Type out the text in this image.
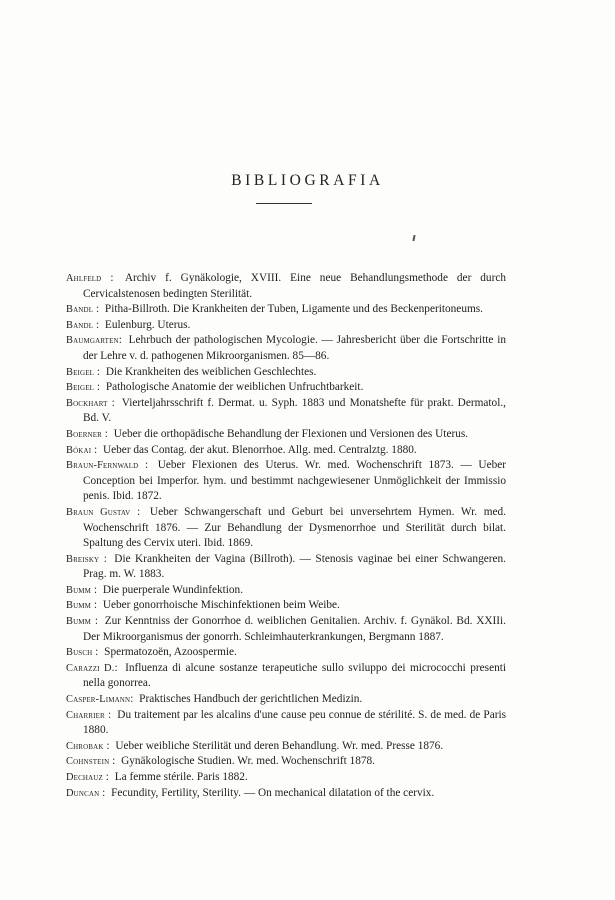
BIBLIOGRAFIA

Ahlfeld : Archiv f. Gynäkologie, XVIII. Eine neue Behandlungsmethode der durch Cervicalstenosen bedingten Sterilität.

Bandl : Pitha-Billroth. Die Krankheiten der Tuben, Ligamente und des Beckenperitoneums.

Bandl : Eulenburg. Uterus.

Baumgarten: Lehrbuch der pathologischen Mycologie. — Jahresbericht über die Fortschritte in der Lehre v. d. pathogenen Mikroorganismen. 85—86.

Beigel : Die Krankheiten des weiblichen Geschlechtes.

Beigel : Pathologische Anatomie der weiblichen Unfruchtbarkeit.

Bockhart : Vierteljahrsschrift f. Dermat. u. Syph. 1883 und Monatshefte für prakt. Dermatol., Bd. V.

Boerner : Ueber die orthopädische Behandlung der Flexionen und Versionen des Uterus.

Bókai : Ueber das Contag. der akut. Blenorrhoe. Allg. med. Centralztg. 1880.

Braun-Fernwald : Ueber Flexionen des Uterus. Wr. med. Wochenschrift 1873. — Ueber Conception bei Imperfor. hym. und bestimmt nachgewiesener Unmöglichkeit der Immissio penis. Ibid. 1872.

Braun Gustav : Ueber Schwangerschaft und Geburt bei unversehrtem Hymen. Wr. med. Wochenschrift 1876. — Zur Behandlung der Dysmenorrhoe und Sterilität durch bilat. Spaltung des Cervix uteri. Ibid. 1869.

Breisky : Die Krankheiten der Vagina (Billroth). — Stenosis vaginae bei einer Schwangeren. Prag. m. W. 1883.

Bumm : Die puerperale Wundinfektion.

Bumm : Ueber gonorrhoische Mischinfektionen beim Weibe.

Bumm : Zur Kenntniss der Gonorrhoe d. weiblichen Genitalien. Archiv. f. Gynäkol. Bd. XXIIi. Der Mikroorganismus der gonorrh. Schleimhauterkrankungen, Bergmann 1887.

Busch : Spermatozoën, Azoospermie.

Carazzi D.: Influenza di alcune sostanze terapeutiche sullo sviluppo dei micrococchi presenti nella gonorrea.

Casper-Limann: Praktisches Handbuch der gerichtlichen Medizin.

Charrier : Du traitement par les alcalins d'une cause peu connue de stérilité. S. de med. de Paris 1880.

Chrobak : Ueber weibliche Sterilität und deren Behandlung. Wr. med. Presse 1876.

Cohnstein : Gynäkologische Studien. Wr. med. Wochenschrift 1878.

Dechauz : La femme stérile. Paris 1882.

Duncan : Fecundity, Fertility, Sterility. — On mechanical dilatation of the cervix.
